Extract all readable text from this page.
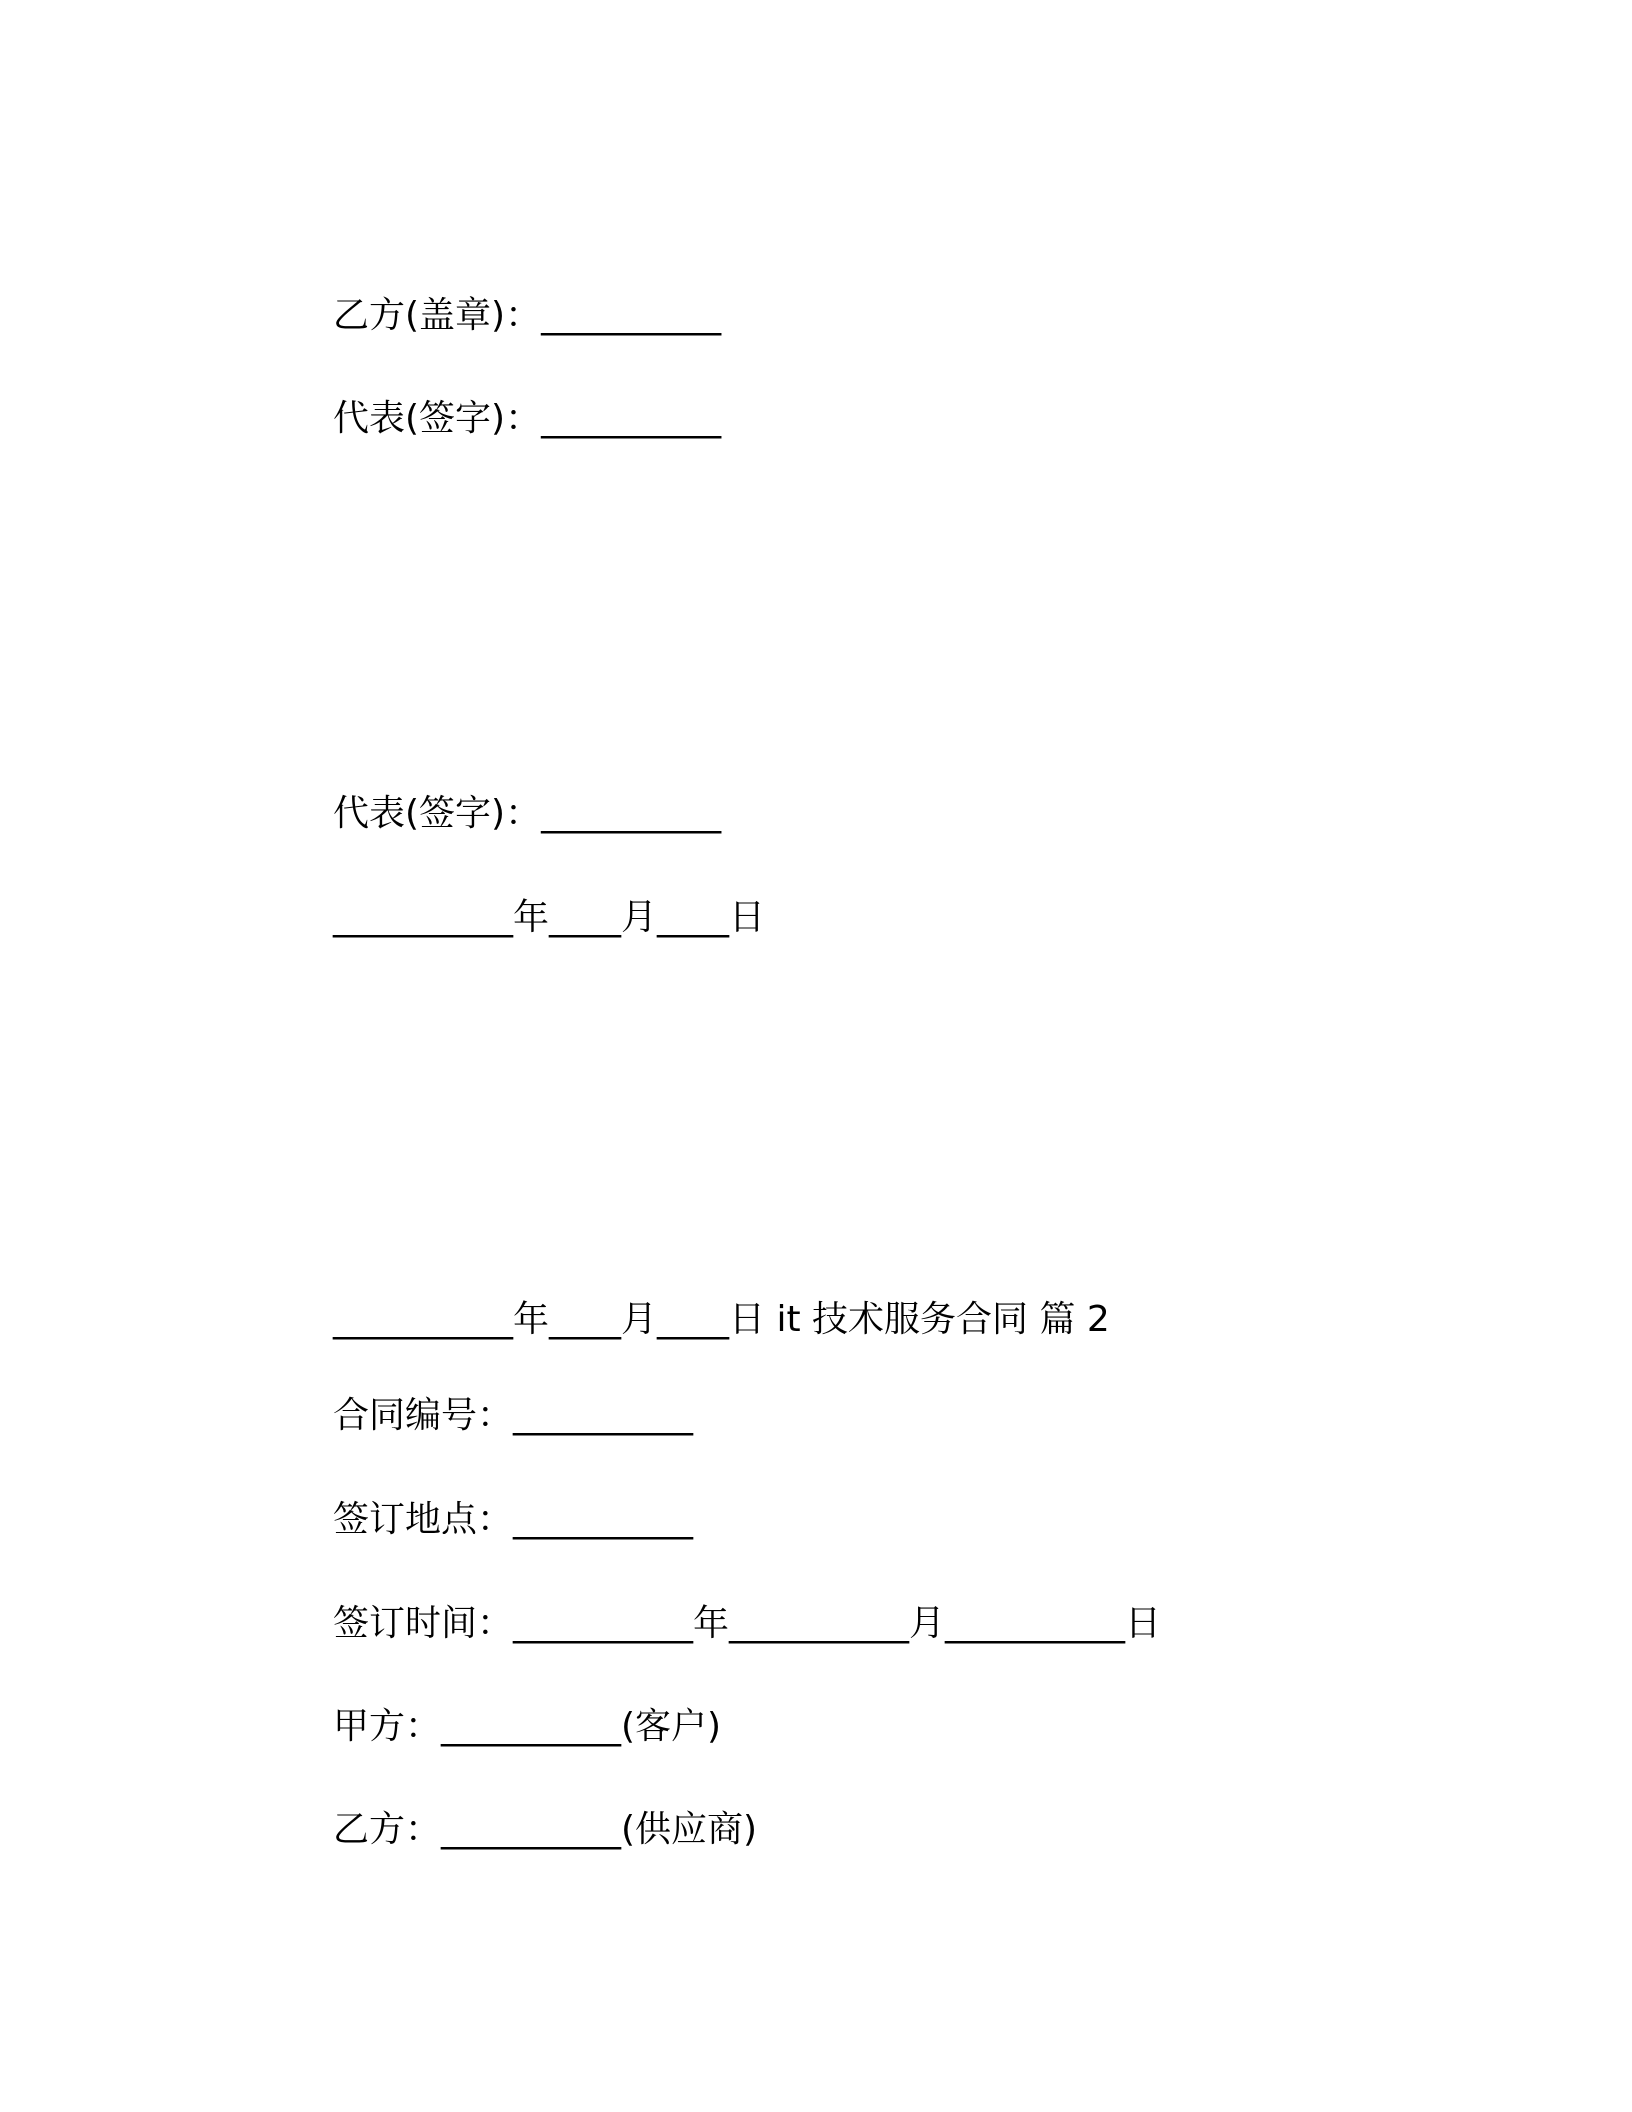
乙方(盖章)：__________
代表(签字)：__________
代表(签字)：__________
__________年____月____日
__________年____月____日 it 技术服务合同 篇 2
合同编号：__________
签订地点：__________
签订时间：__________年__________月__________日
甲方：__________(客户)
乙方：__________(供应商)
